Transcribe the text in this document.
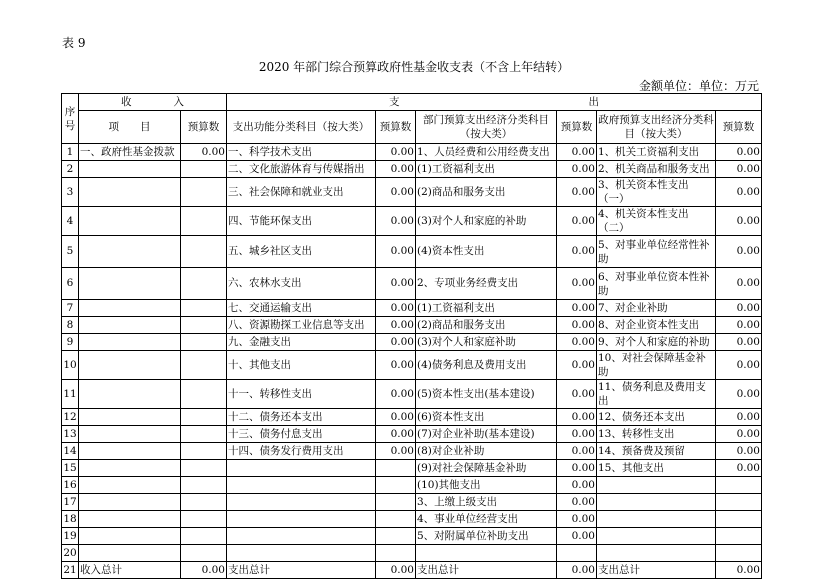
表 9
2020 年部门综合预算政府性基金收支表（不含上年结转）
金额单位：单位：万元
序号	收　　　　入		支　　　　　　　　　　　　　　　　　　出					
	项　　目	预算数	支出功能分类科目（按大类）	预算数	部门预算支出经济分类科目（按大类）	预算数	政府预算支出经济分类科目（按大类）	预算数
1	一、政府性基金拨款	0.00	一、科学技术支出	0.00	1、人员经费和公用经费支出	0.00	1、机关工资福利支出	0.00
2			二、文化旅游体育与传媒指出	0.00	(1)工资福利支出	0.00	2、机关商品和服务支出	0.00
3			三、社会保障和就业支出	0.00	(2)商品和服务支出	0.00	3、机关资本性支出（一）	0.00
4			四、节能环保支出	0.00	(3)对个人和家庭的补助	0.00	4、机关资本性支出（二）	0.00
5			五、城乡社区支出	0.00	(4)资本性支出	0.00	5、对事业单位经常性补助	0.00
6			六、农林水支出	0.00	2、专项业务经费支出	0.00	6、对事业单位资本性补助	0.00
7			七、交通运输支出	0.00	(1)工资福利支出	0.00	7、对企业补助	0.00
8			八、资源勘探工业信息等支出	0.00	(2)商品和服务支出	0.00	8、对企业资本性支出	0.00
9			九、金融支出	0.00	(3)对个人和家庭补助	0.00	9、对个人和家庭的补助	0.00
10			十、其他支出	0.00	(4)债务利息及费用支出	0.00	10、对社会保障基金补助	0.00
11			十一、转移性支出	0.00	(5)资本性支出(基本建设)	0.00	11、债务利息及费用支出	0.00
12			十二、债务还本支出	0.00	(6)资本性支出	0.00	12、债务还本支出	0.00
13			十三、债务付息支出	0.00	(7)对企业补助(基本建设)	0.00	13、转移性支出	0.00
14			十四、债务发行费用支出	0.00	(8)对企业补助	0.00	14、预备费及预留	0.00
15					(9)对社会保障基金补助	0.00	15、其他支出	0.00
16					(10)其他支出	0.00		
17					3、上缴上级支出	0.00		
18					4、事业单位经营支出	0.00		
19					5、对附属单位补助支出	0.00		
20								
21	收入总计	0.00	支出总计	0.00	支出总计	0.00	支出总计	0.00
